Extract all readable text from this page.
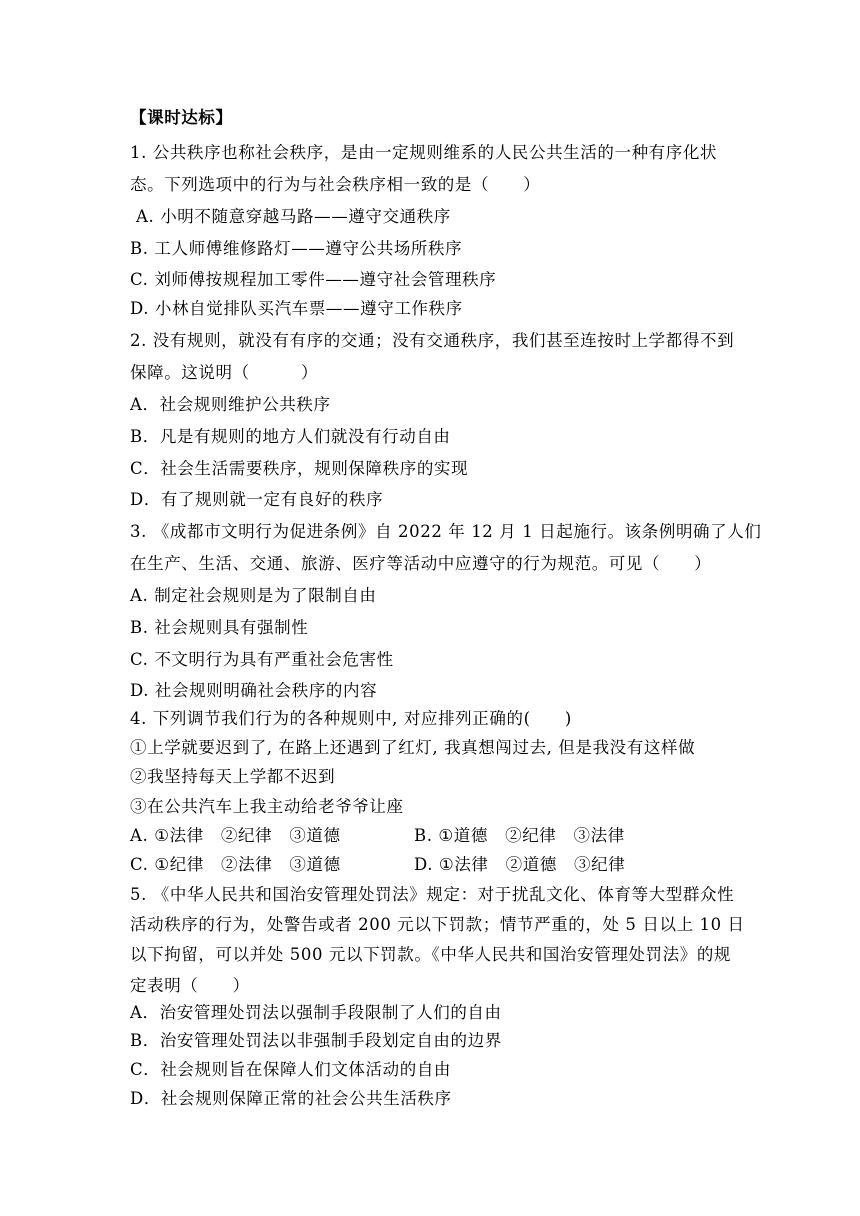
【课时达标】
1. 公共秩序也称社会秩序，是由一定规则维系的人民公共生活的一种有序化状
态。下列选项中的行为与社会秩序相一致的是（　　）
A. 小明不随意穿越马路——遵守交通秩序
B. 工人师傅维修路灯——遵守公共场所秩序
C. 刘师傅按规程加工零件——遵守社会管理秩序
D. 小林自觉排队买汽车票——遵守工作秩序
2. 没有规则，就没有有序的交通；没有交通秩序，我们甚至连按时上学都得不到
保障。这说明（　　　）
A．社会规则维护公共秩序
B．凡是有规则的地方人们就没有行动自由
C．社会生活需要秩序，规则保障秩序的实现
D．有了规则就一定有良好的秩序
3. 《成都市文明行为促进条例》自 2022 年 12 月 1 日起施行。该条例明确了人们
在生产、生活、交通、旅游、医疗等活动中应遵守的行为规范。可见（　　）
A. 制定社会规则是为了限制自由
B. 社会规则具有强制性
C. 不文明行为具有严重社会危害性
D. 社会规则明确社会秩序的内容
4. 下列调节我们行为的各种规则中, 对应排列正确的(　　)
①上学就要迟到了, 在路上还遇到了红灯, 我真想闯过去, 但是我没有这样做
②我坚持每天上学都不迟到
③在公共汽车上我主动给老爷爷让座
A. ①法律　②纪律　③道德	B. ①道德　②纪律　③法律
C. ①纪律　②法律　③道德	D. ①法律　②道德　③纪律
5. 《中华人民共和国治安管理处罚法》规定：对于扰乱文化、体育等大型群众性
活动秩序的行为，处警告或者 200 元以下罚款；情节严重的，处 5 日以上 10 日
以下拘留，可以并处 500 元以下罚款。《中华人民共和国治安管理处罚法》的规
定表明（　　）
A．治安管理处罚法以强制手段限制了人们的自由
B．治安管理处罚法以非强制手段划定自由的边界
C．社会规则旨在保障人们文体活动的自由
D．社会规则保障正常的社会公共生活秩序
